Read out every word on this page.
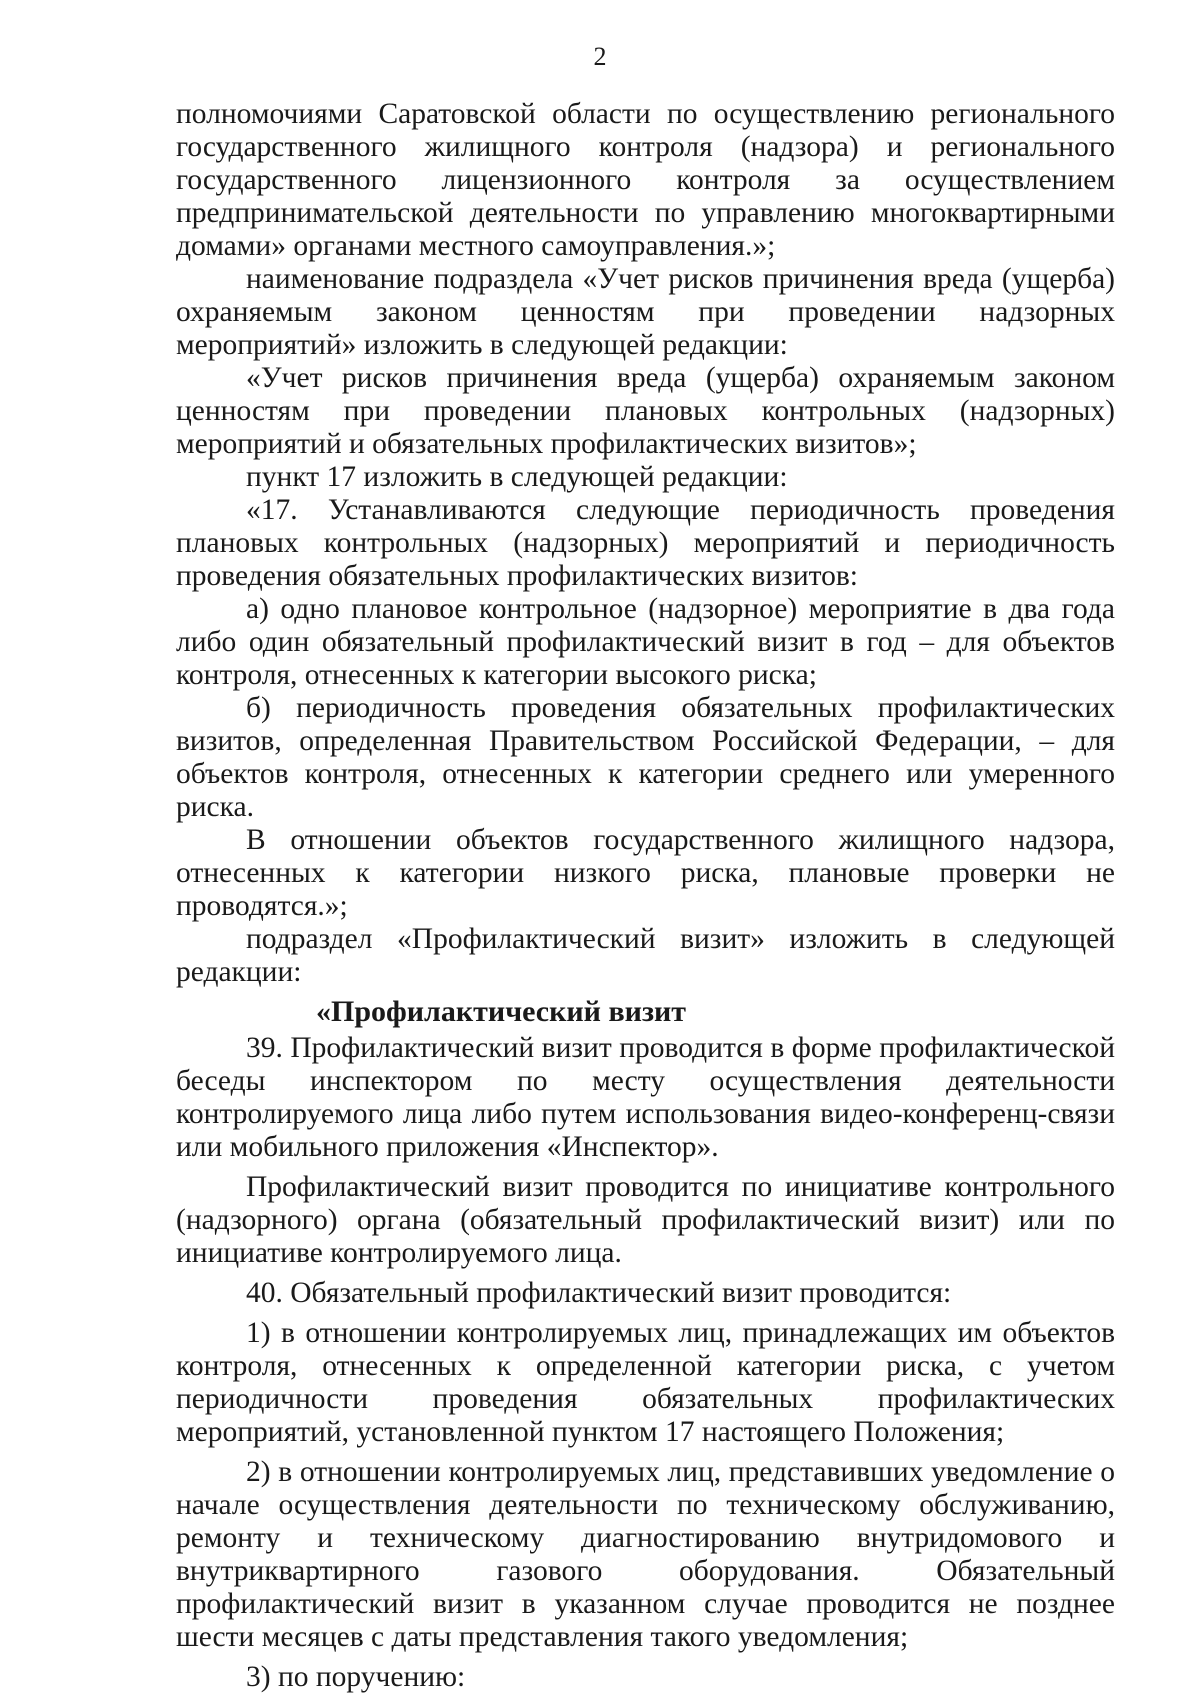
2

полномочиями Саратовской области по осуществлению регионального государственного жилищного контроля (надзора) и регионального государственного лицензионного контроля за осуществлением предпринимательской деятельности по управлению многоквартирными домами» органами местного самоуправления.»;

наименование подраздела «Учет рисков причинения вреда (ущерба) охраняемым законом ценностям при проведении надзорных мероприятий» изложить в следующей редакции:

«Учет рисков причинения вреда (ущерба) охраняемым законом ценностям при проведении плановых контрольных (надзорных) мероприятий и обязательных профилактических визитов»;

пункт 17 изложить в следующей редакции:

«17. Устанавливаются следующие периодичность проведения плановых контрольных (надзорных) мероприятий и периодичность проведения обязательных профилактических визитов:

а) одно плановое контрольное (надзорное) мероприятие в два года либо один обязательный профилактический визит в год – для объектов контроля, отнесенных к категории высокого риска;

б) периодичность проведения обязательных профилактических визитов, определенная Правительством Российской Федерации, – для объектов контроля, отнесенных к категории среднего или умеренного риска.

В отношении объектов государственного жилищного надзора, отнесенных к категории низкого риска, плановые проверки не проводятся.»;

подраздел «Профилактический визит» изложить в следующей редакции:

«Профилактический визит

39. Профилактический визит проводится в форме профилактической беседы инспектором по месту осуществления деятельности контролируемого лица либо путем использования видео-конференц-связи или мобильного приложения «Инспектор».

Профилактический визит проводится по инициативе контрольного (надзорного) органа (обязательный профилактический визит) или по инициативе контролируемого лица.

40. Обязательный профилактический визит проводится:

1) в отношении контролируемых лиц, принадлежащих им объектов контроля, отнесенных к определенной категории риска, с учетом периодичности проведения обязательных профилактических мероприятий, установленной пунктом 17 настоящего Положения;

2) в отношении контролируемых лиц, представивших уведомление о начале осуществления деятельности по техническому обслуживанию, ремонту и техническому диагностированию внутридомового и внутриквартирного газового оборудования. Обязательный профилактический визит в указанном случае проводится не позднее шести месяцев с даты представления такого уведомления;

3) по поручению:
